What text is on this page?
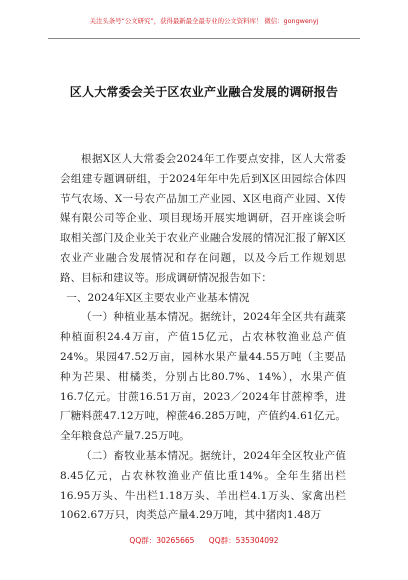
关注头条号“公文研究”，获得最新最全最专业的公文资料库！ 微信：gongwenyj
区人大常委会关于区农业产业融合发展的调研报告

根据X区人大常委会2024年工作要点安排，区人大常委会组建专题调研组，于2024年年中先后到X区田园综合体四节气农场、X一号农产品加工产业园、X区电商产业园、X传媒有限公司等企业、项目现场开展实地调研，召开座谈会听取相关部门及企业关于农业产业融合发展的情况汇报了解X区农业产业融合发展情况和存在问题，以及今后工作规划思路、目标和建议等。形成调研情况报告如下：

一、2024年X区主要农业产业基本情况

（一）种植业基本情况。据统计，2024年全区共有蔬菜种植面积24.4万亩，产值15亿元，占农林牧渔业总产值24%。果园47.52万亩，园林水果产量44.55万吨（主要品种为芒果、柑橘类，分别占比80.7%、14%），水果产值16.7亿元。甘蔗16.51万亩，2023／2024年甘蔗榨季，进厂糖料蔗47.12万吨，榨蔗46.285万吨，产值约4.61亿元。全年粮食总产量7.25万吨。

（二）畜牧业基本情况。据统计，2024年全区牧业产值8.45亿元，占农林牧渔业产值比重14%。全年生猪出栏16.95万头、牛出栏1.18万头、羊出栏4.1万头、家禽出栏1062.67万只，肉类总产量4.29万吨，其中猪肉1.48万

QQ群：30265665 QQ群：535304092
